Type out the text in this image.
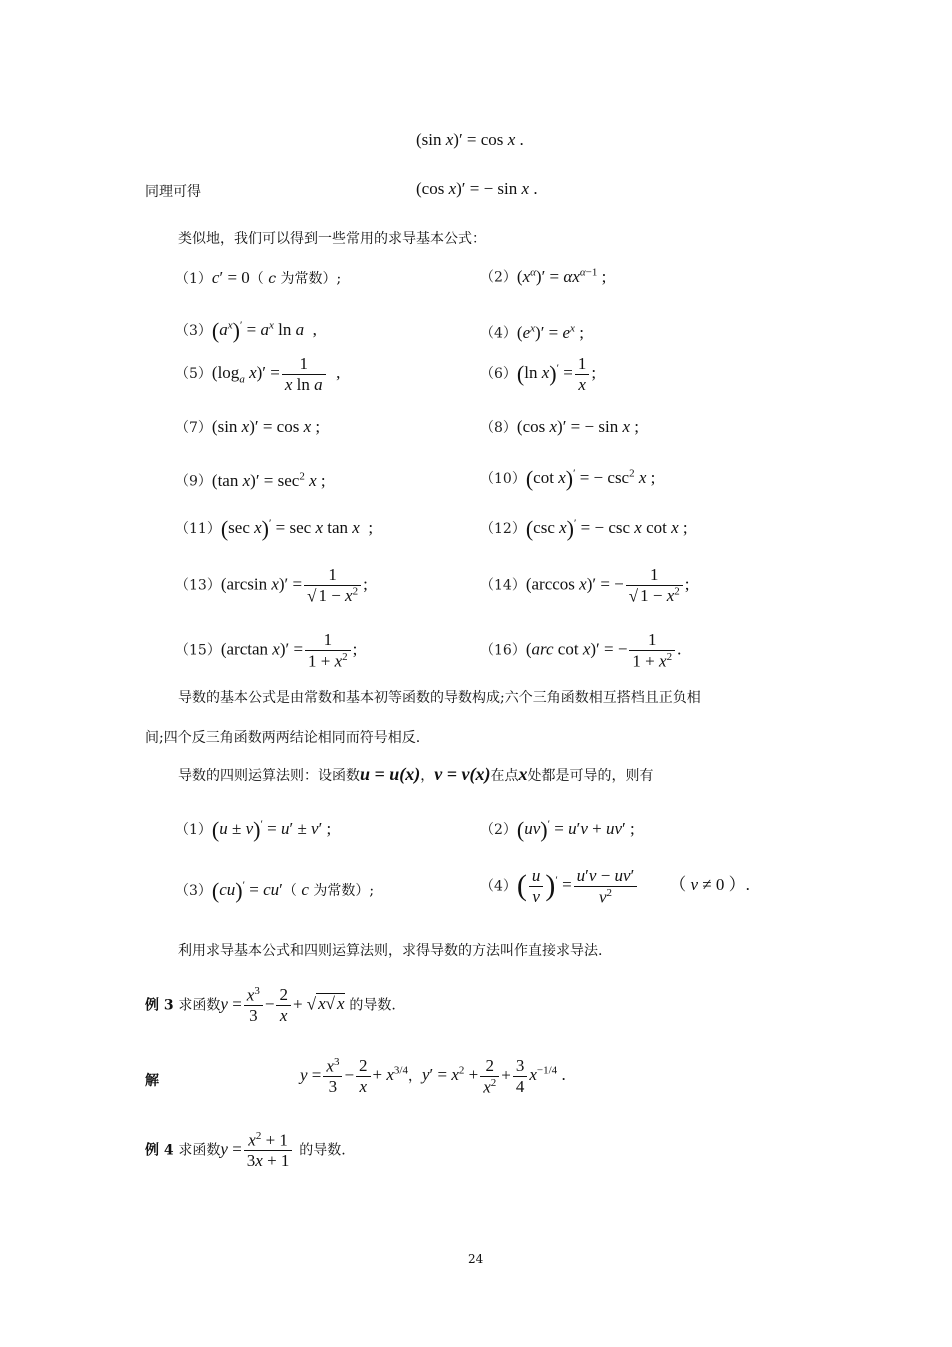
(sin x)′ = cos x .
同理可得	(cos x)′ = − sin x .
类似地，我们可以得到一些常用的求导基本公式：
（1）c′ = 0（ c 为常数）;	$(2)(x^\alpha)' = \alpha x^{\alpha-1}$ ;
$(3)(a^x)' = a^x$ ln a  ,	$(4)(e^x)' = e^x$ ;
$(5)(\log_a$ $x)' = \frac{1}{\text{x ln a}}$ ,	（6）(ln $x)' = \frac{1}{x}$ ;
（7）(sin x)′ = cos x ;	（8）(cos x)′ = − sin x ;
（9）(tan $x)' = \sec^2 x$ ;	（10）(cot x)′ = − $\csc^2 x$ ;
（11）(sec x)′ = sec x tan x  ;	（12）(csc x)′ = − csc x cot x ;
（13）(arcsin $x)' = \frac{1}{√ 1 - x^2}$ ;	（14）(arccos x)′ = − $\frac{1}{√ 1 - x^2}$ ;
（15）(arctan $x)' = \frac{1}{1 + x^2}$ ;	（16）(arc cot x)′ = − $\frac{1}{1 + x^2}$ .
导数的基本公式是由常数和基本初等函数的导数构成;六个三角函数相互搭档且正负相
间;四个反三角函数两两结论相同而符号相反.
导数的四则运算法则：设函数u = u(x)，v = v(x)在点x处都是可导的，则有
（1）(u ± v)′ = u′ ± v′ ;	（2）(uv)′ = u′v + uv′ ;
（3）(cu)′ = cu′（ c 为常数）;	$(4)( \frac{u}{v} )' = \frac{u'v - uv'}{v^2}$ （ v ≠ 0 ）.
利用求导基本公式和四则运算法则，求得导数的方法叫作直接求导法.
例 3 求函数$y = \frac{x^3}{3} - \frac{2}{x}$ + √ x√ x 的导数.
解	$y = \frac{x^3}{3} - \frac{2}{x} + x^{3/4}$，$y' = x^2 + \frac{2}{x^2} + \frac{3}{4} x^{-1/4}$ .
例 4 求函数$y = \frac{x^2 + 1}{3x + 1}$ 的导数.
24
